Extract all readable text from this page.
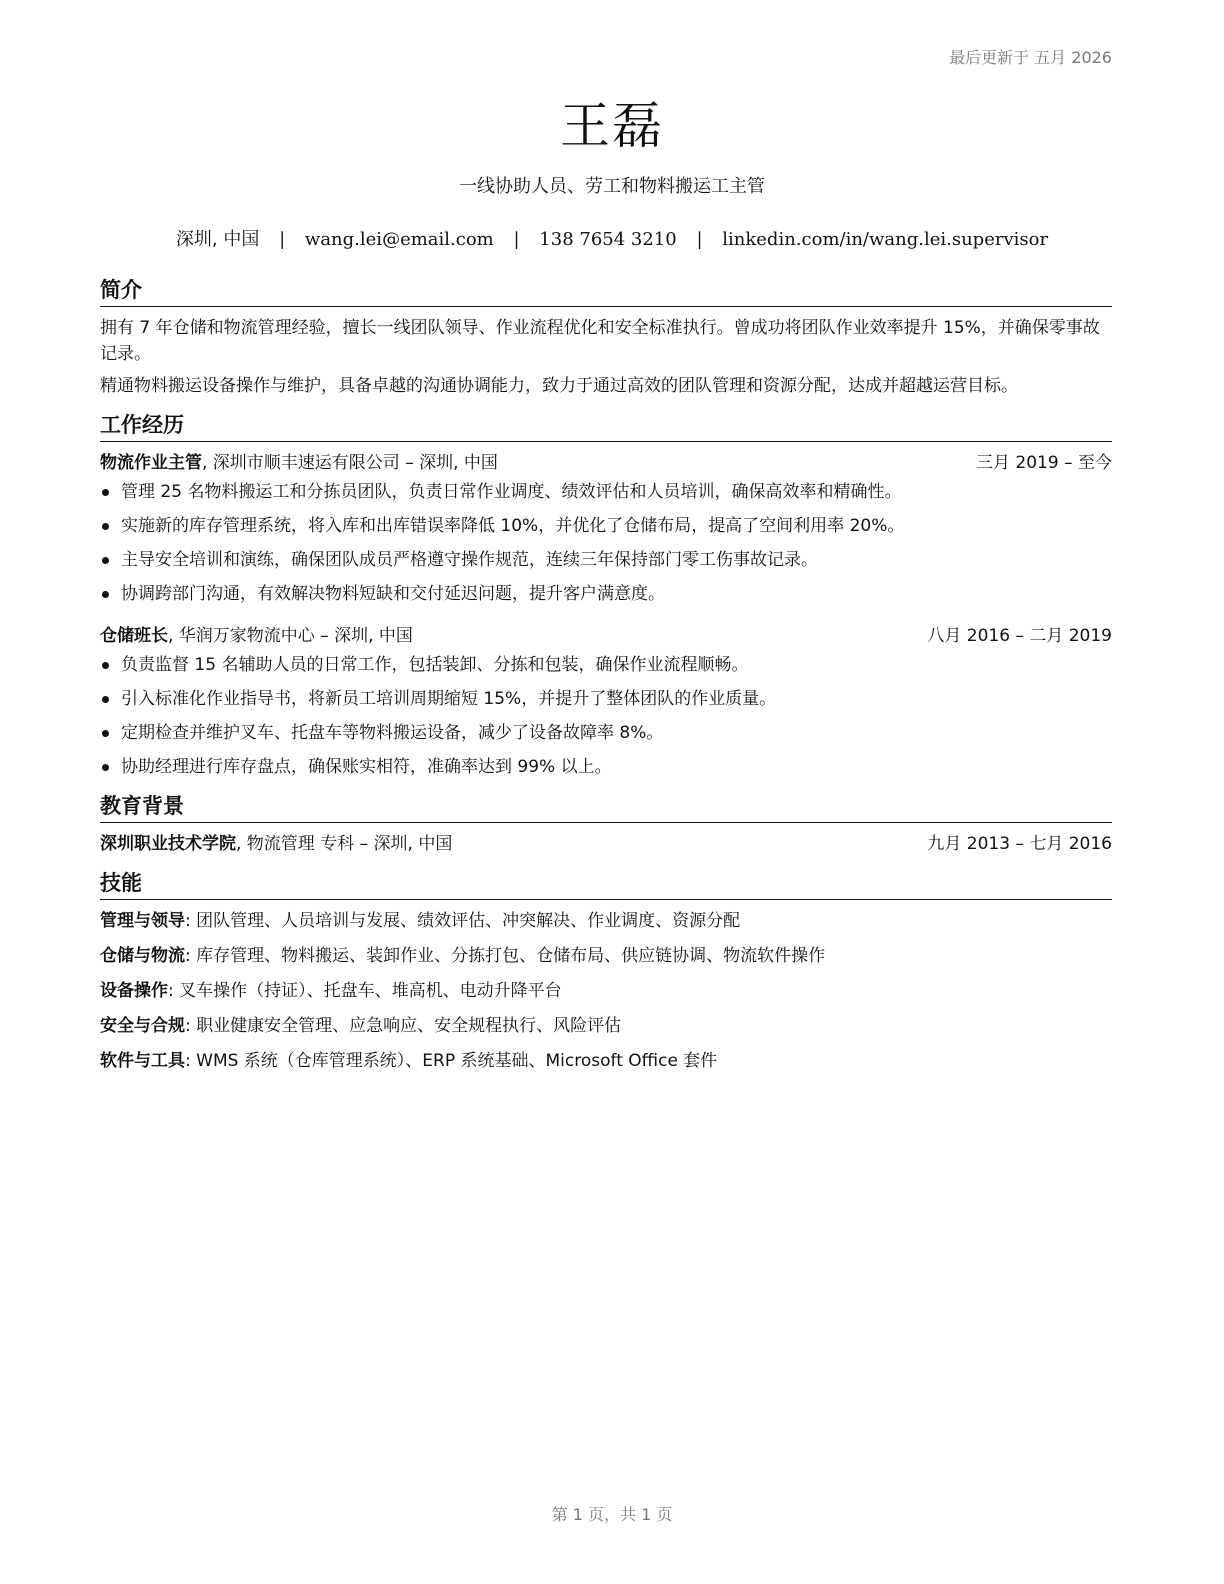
最后更新于 五月 2026
王磊
一线协助人员、劳工和物料搬运工主管
深圳, 中国 | wang.lei@email.com | 138 7654 3210 | linkedin.com/in/wang.lei.supervisor
简介

拥有 7 年仓储和物流管理经验，擅长一线团队领导、作业流程优化和安全标准执行。曾成功将团队作业效率提升 15%，并确保零事故记录。

精通物料搬运设备操作与维护，具备卓越的沟通协调能力，致力于通过高效的团队管理和资源分配，达成并超越运营目标。

工作经历
物流作业主管, 深圳市顺丰速运有限公司 – 深圳, 中国	三月 2019 – 至今
管理 25 名物料搬运工和分拣员团队，负责日常作业调度、绩效评估和人员培训，确保高效率和精确性。
实施新的库存管理系统，将入库和出库错误率降低 10%，并优化了仓储布局，提高了空间利用率 20%。
主导安全培训和演练，确保团队成员严格遵守操作规范，连续三年保持部门零工伤事故记录。
协调跨部门沟通，有效解决物料短缺和交付延迟问题，提升客户满意度。
仓储班长, 华润万家物流中心 – 深圳, 中国	八月 2016 – 二月 2019
负责监督 15 名辅助人员的日常工作，包括装卸、分拣和包装，确保作业流程顺畅。
引入标准化作业指导书，将新员工培训周期缩短 15%，并提升了整体团队的作业质量。
定期检查并维护叉车、托盘车等物料搬运设备，减少了设备故障率 8%。
协助经理进行库存盘点，确保账实相符，准确率达到 99% 以上。
教育背景
深圳职业技术学院, 物流管理 专科 – 深圳, 中国	九月 2013 – 七月 2016
技能
管理与领导: 团队管理、人员培训与发展、绩效评估、冲突解决、作业调度、资源分配
仓储与物流: 库存管理、物料搬运、装卸作业、分拣打包、仓储布局、供应链协调、物流软件操作
设备操作: 叉车操作（持证）、托盘车、堆高机、电动升降平台
安全与合规: 职业健康安全管理、应急响应、安全规程执行、风险评估
软件与工具: WMS 系统（仓库管理系统）、ERP 系统基础、Microsoft Office 套件
第 1 页，共 1 页
